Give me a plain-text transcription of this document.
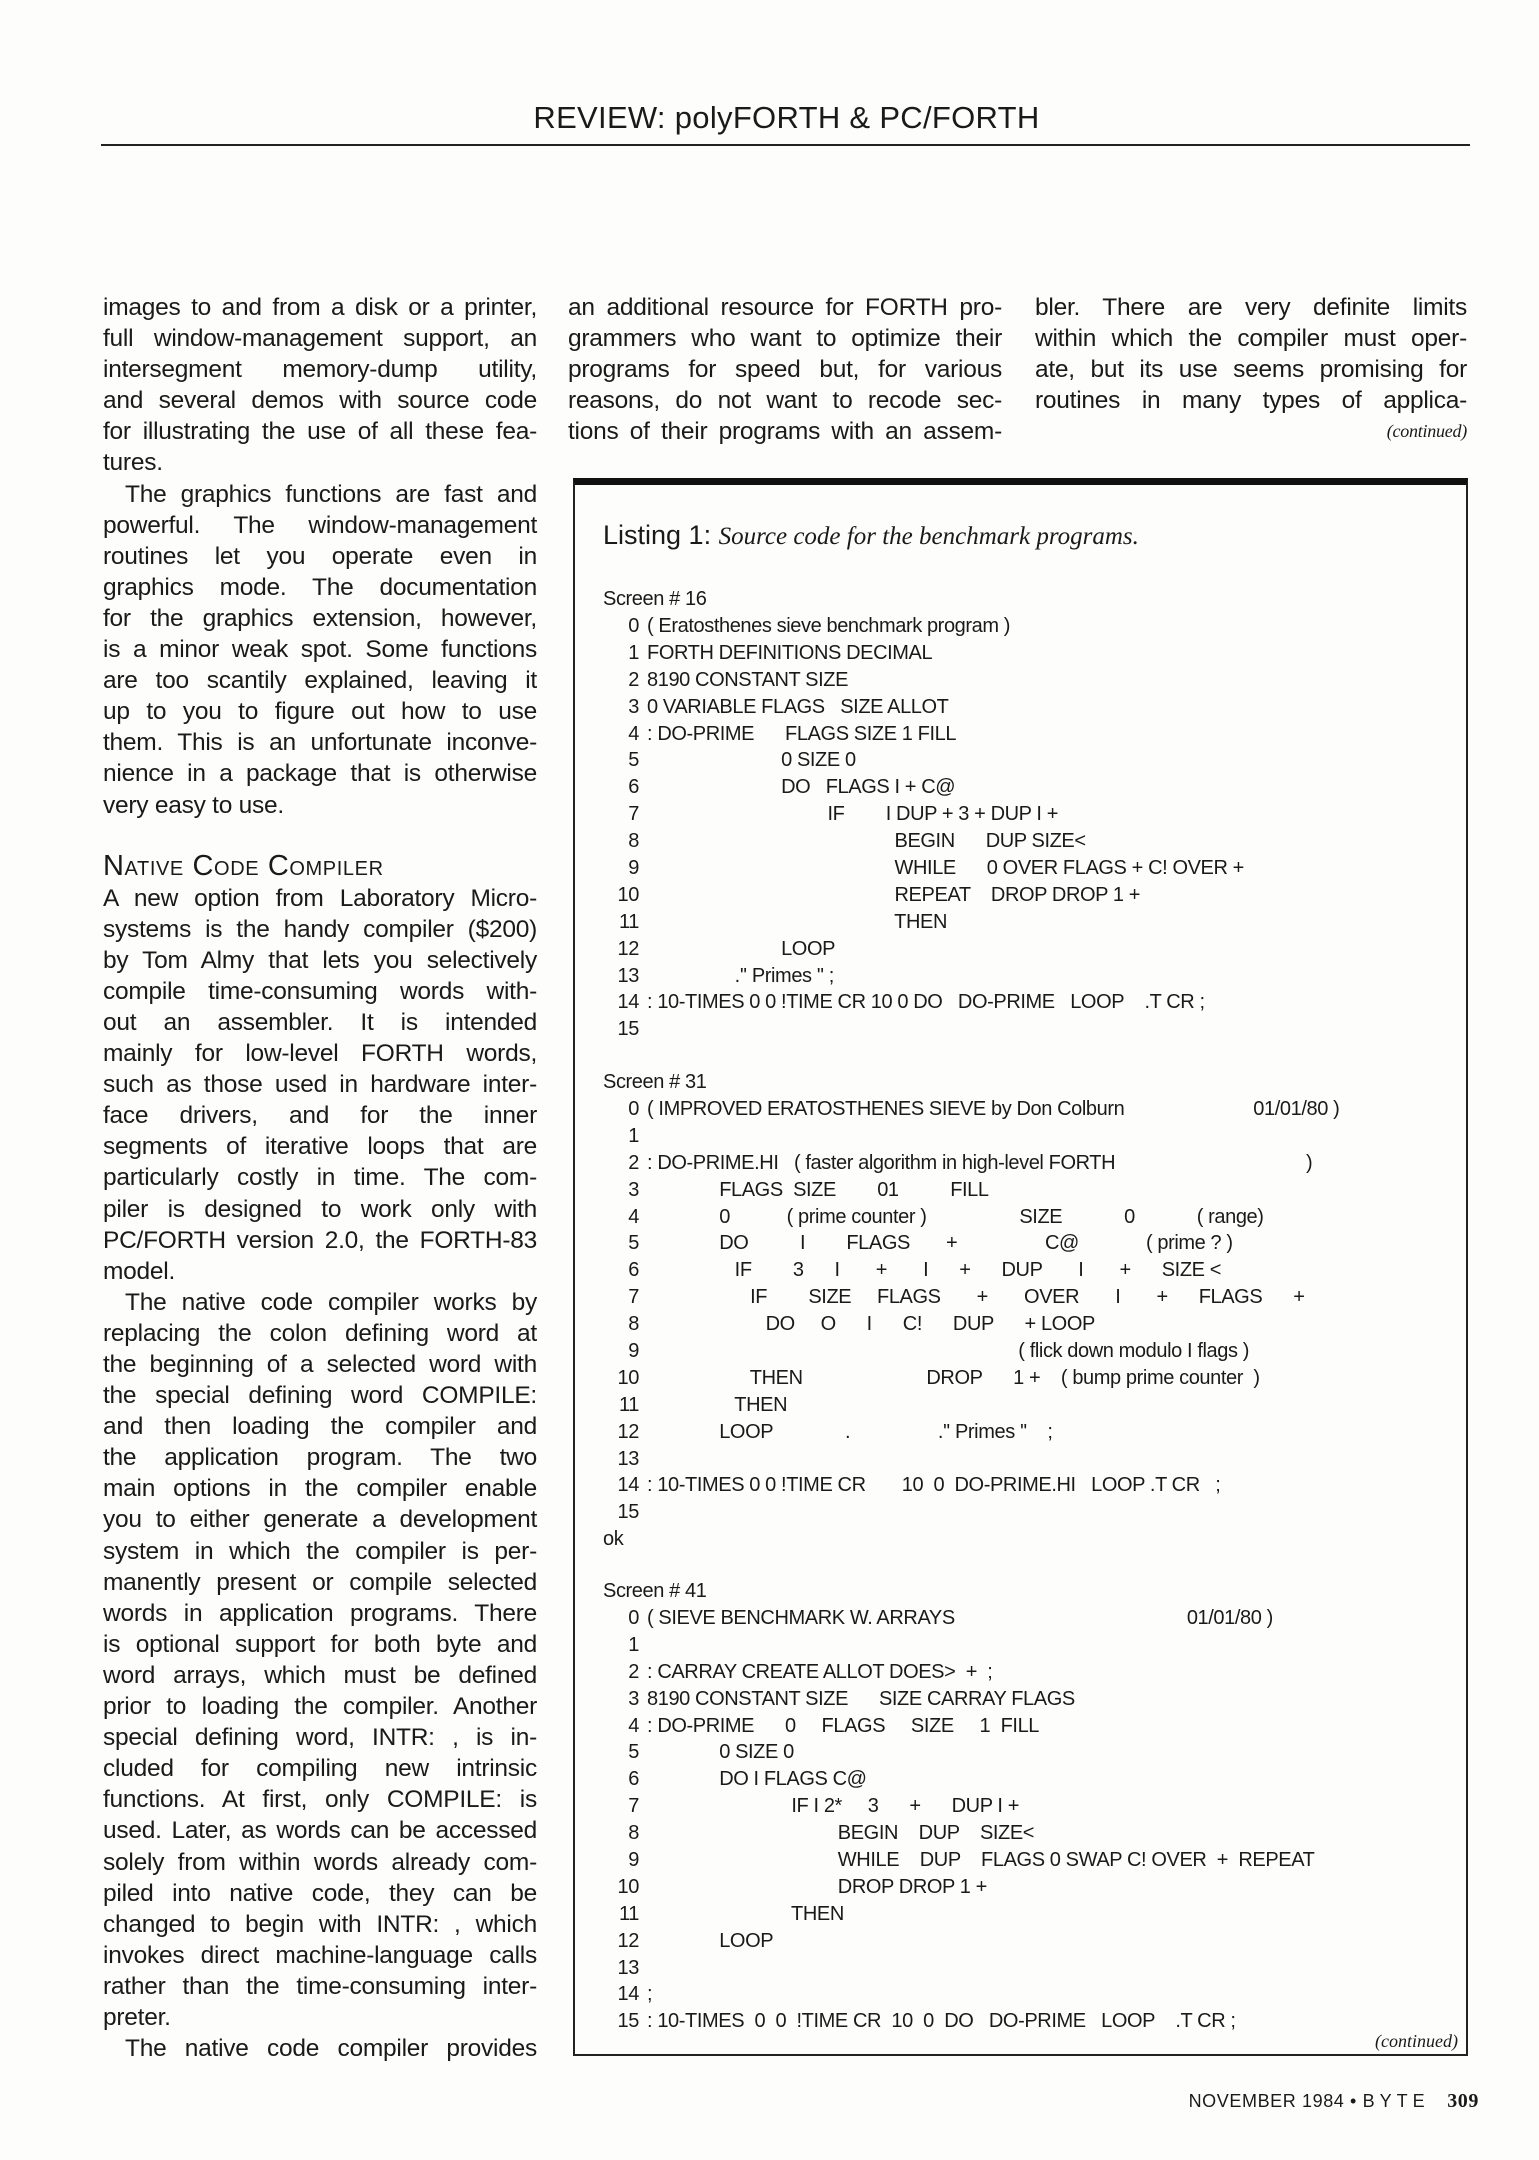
REVIEW: polyFORTH & PC/FORTH
images to and from a disk or a printer,
full window-management support, an
intersegment memory-dump utility,
and several demos with source code
for illustrating the use of all these fea-
tures.
The graphics functions are fast and
powerful. The window-management
routines let you operate even in
graphics mode. The documentation
for the graphics extension, however,
is a minor weak spot. Some functions
are too scantily explained, leaving it
up to you to figure out how to use
them. This is an unfortunate inconve-
nience in a package that is otherwise
very easy to use.
Native Code Compiler
A new option from Laboratory Micro-
systems is the handy compiler ($200)
by Tom Almy that lets you selectively
compile time-consuming words with-
out an assembler. It is intended
mainly for low-level FORTH words,
such as those used in hardware inter-
face drivers, and for the inner
segments of iterative loops that are
particularly costly in time. The com-
piler is designed to work only with
PC/FORTH version 2.0, the FORTH-83
model.
The native code compiler works by
replacing the colon defining word at
the beginning of a selected word with
the special defining word COMPILE:
and then loading the compiler and
the application program. The two
main options in the compiler enable
you to either generate a development
system in which the compiler is per-
manently present or compile selected
words in application programs. There
is optional support for both byte and
word arrays, which must be defined
prior to loading the compiler. Another
special defining word, INTR: , is in-
cluded for compiling new intrinsic
functions. At first, only COMPILE: is
used. Later, as words can be accessed
solely from within words already com-
piled into native code, they can be
changed to begin with INTR: , which
invokes direct machine-language calls
rather than the time-consuming inter-
preter.
The native code compiler provides
an additional resource for FORTH pro-
grammers who want to optimize their
programs for speed but, for various
reasons, do not want to recode sec-
tions of their programs with an assem-
bler. There are very definite limits
within which the compiler must oper-
ate, but its use seems promising for
routines in many types of applica-
(continued)
Listing 1: Source code for the benchmark programs.
Screen # 16
0 ( Eratosthenes sieve benchmark program )
1 FORTH DEFINITIONS DECIMAL
2 8190 CONSTANT SIZE
3 0 VARIABLE FLAGS   SIZE ALLOT
4 : DO-PRIME      FLAGS SIZE 1 FILL
5 0 SIZE 0
6 DO   FLAGS I + C@
7 IF        I DUP + 3 + DUP I +
8 BEGIN      DUP SIZE<
9 WHILE      0 OVER FLAGS + C! OVER +
10 REPEAT    DROP DROP 1 +
11 THEN
12 LOOP
13 .'' Primes '' ;
14 : 10-TIMES 0 0 !TIME CR 10 0 DO   DO-PRIME   LOOP    .T CR ;
15
Screen # 31
0 ( IMPROVED ERATOSTHENES SIEVE by Don Colburn                         01/01/80 )
1
2 : DO-PRIME.HI   ( faster algorithm in high-level FORTH                                     )
3 FLAGS  SIZE        01          FILL
4 0           ( prime counter )                  SIZE            0            ( range)
5 DO          I        FLAGS       +                 C@             ( prime ? )
6 IF        3      I       +       I      +      DUP       I       +      SIZE <
7 IF        SIZE     FLAGS       +       OVER       I       +      FLAGS      +
8 DO     O      I      C!      DUP      + LOOP
9 ( flick down modulo I flags )
10 THEN                        DROP      1 +    ( bump prime counter  )
11 THEN
12 LOOP              .                 .'' Primes ''    ;
13
14 : 10-TIMES 0 0 !TIME CR       10  0  DO-PRIME.HI   LOOP .T CR   ;
15
ok
Screen # 41
0 ( SIEVE BENCHMARK W. ARRAYS                                             01/01/80 )
1
2 : CARRAY CREATE ALLOT DOES>  +  ;
3 8190 CONSTANT SIZE      SIZE CARRAY FLAGS
4 : DO-PRIME      0     FLAGS     SIZE     1  FILL
5 0 SIZE 0
6 DO I FLAGS C@
7 IF I 2*     3      +      DUP I +
8 BEGIN    DUP    SIZE<
9 WHILE    DUP    FLAGS 0 SWAP C! OVER  +  REPEAT
10 DROP DROP 1 +
11 THEN
12 LOOP
13
14 ;
15 : 10-TIMES  0  0  !TIME CR  10  0  DO   DO-PRIME   LOOP    .T CR ;
(continued)
NOVEMBER 1984 • BYTE 309
